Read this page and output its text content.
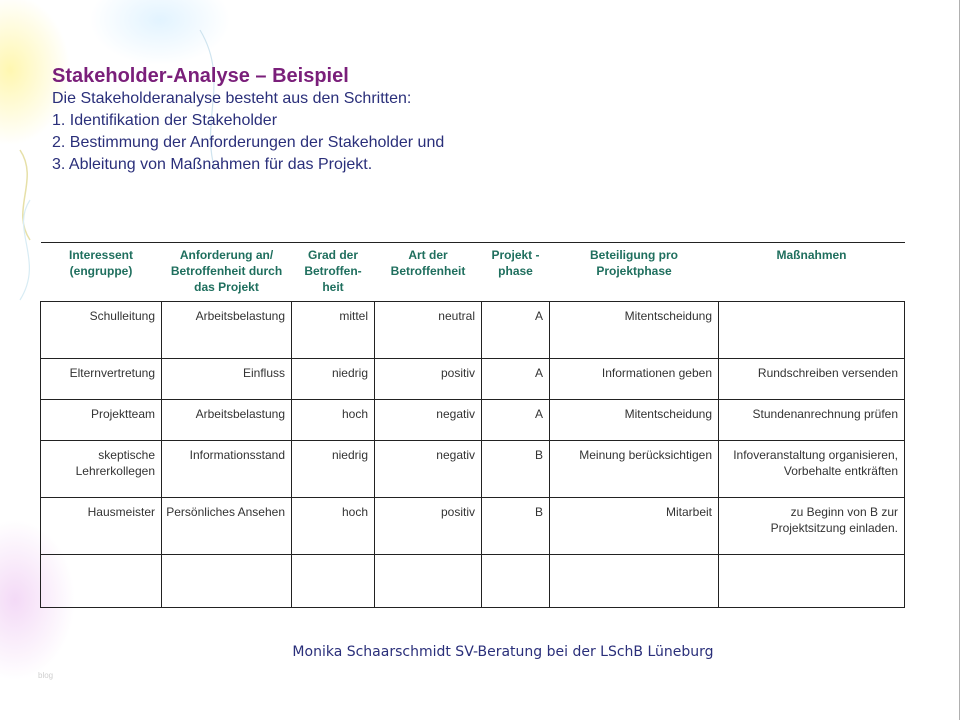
Stakeholder-Analyse – Beispiel
Die Stakeholderanalyse besteht aus den Schritten:
1. Identifikation der Stakeholder
2. Bestimmung der Anforderungen der Stakeholder und
3. Ableitung von Maßnahmen für das Projekt.
Interessent (engruppe)	Anforderung an/ Betroffenheit durch das Projekt	Grad der Betroffen-heit	Art der Betroffenheit	Projekt -phase	Beteiligung pro Projektphase	Maßnahmen
Schulleitung	Arbeitsbelastung	mittel	neutral	A	Mitentscheidung	
Elternvertretung	Einfluss	niedrig	positiv	A	Informationen geben	Rundschreiben versenden
Projektteam	Arbeitsbelastung	hoch	negativ	A	Mitentscheidung	Stundenanrechnung prüfen
skeptische Lehrerkollegen	Informationsstand	niedrig	negativ	B	Meinung berücksichtigen	Infoveranstaltung organisieren, Vorbehalte entkräften
Hausmeister	Persönliches Ansehen	hoch	positiv	B	Mitarbeit	zu Beginn von B zur Projektsitzung einladen.

Monika Schaarschmidt SV-Beratung bei der LSchB Lüneburg
blog
